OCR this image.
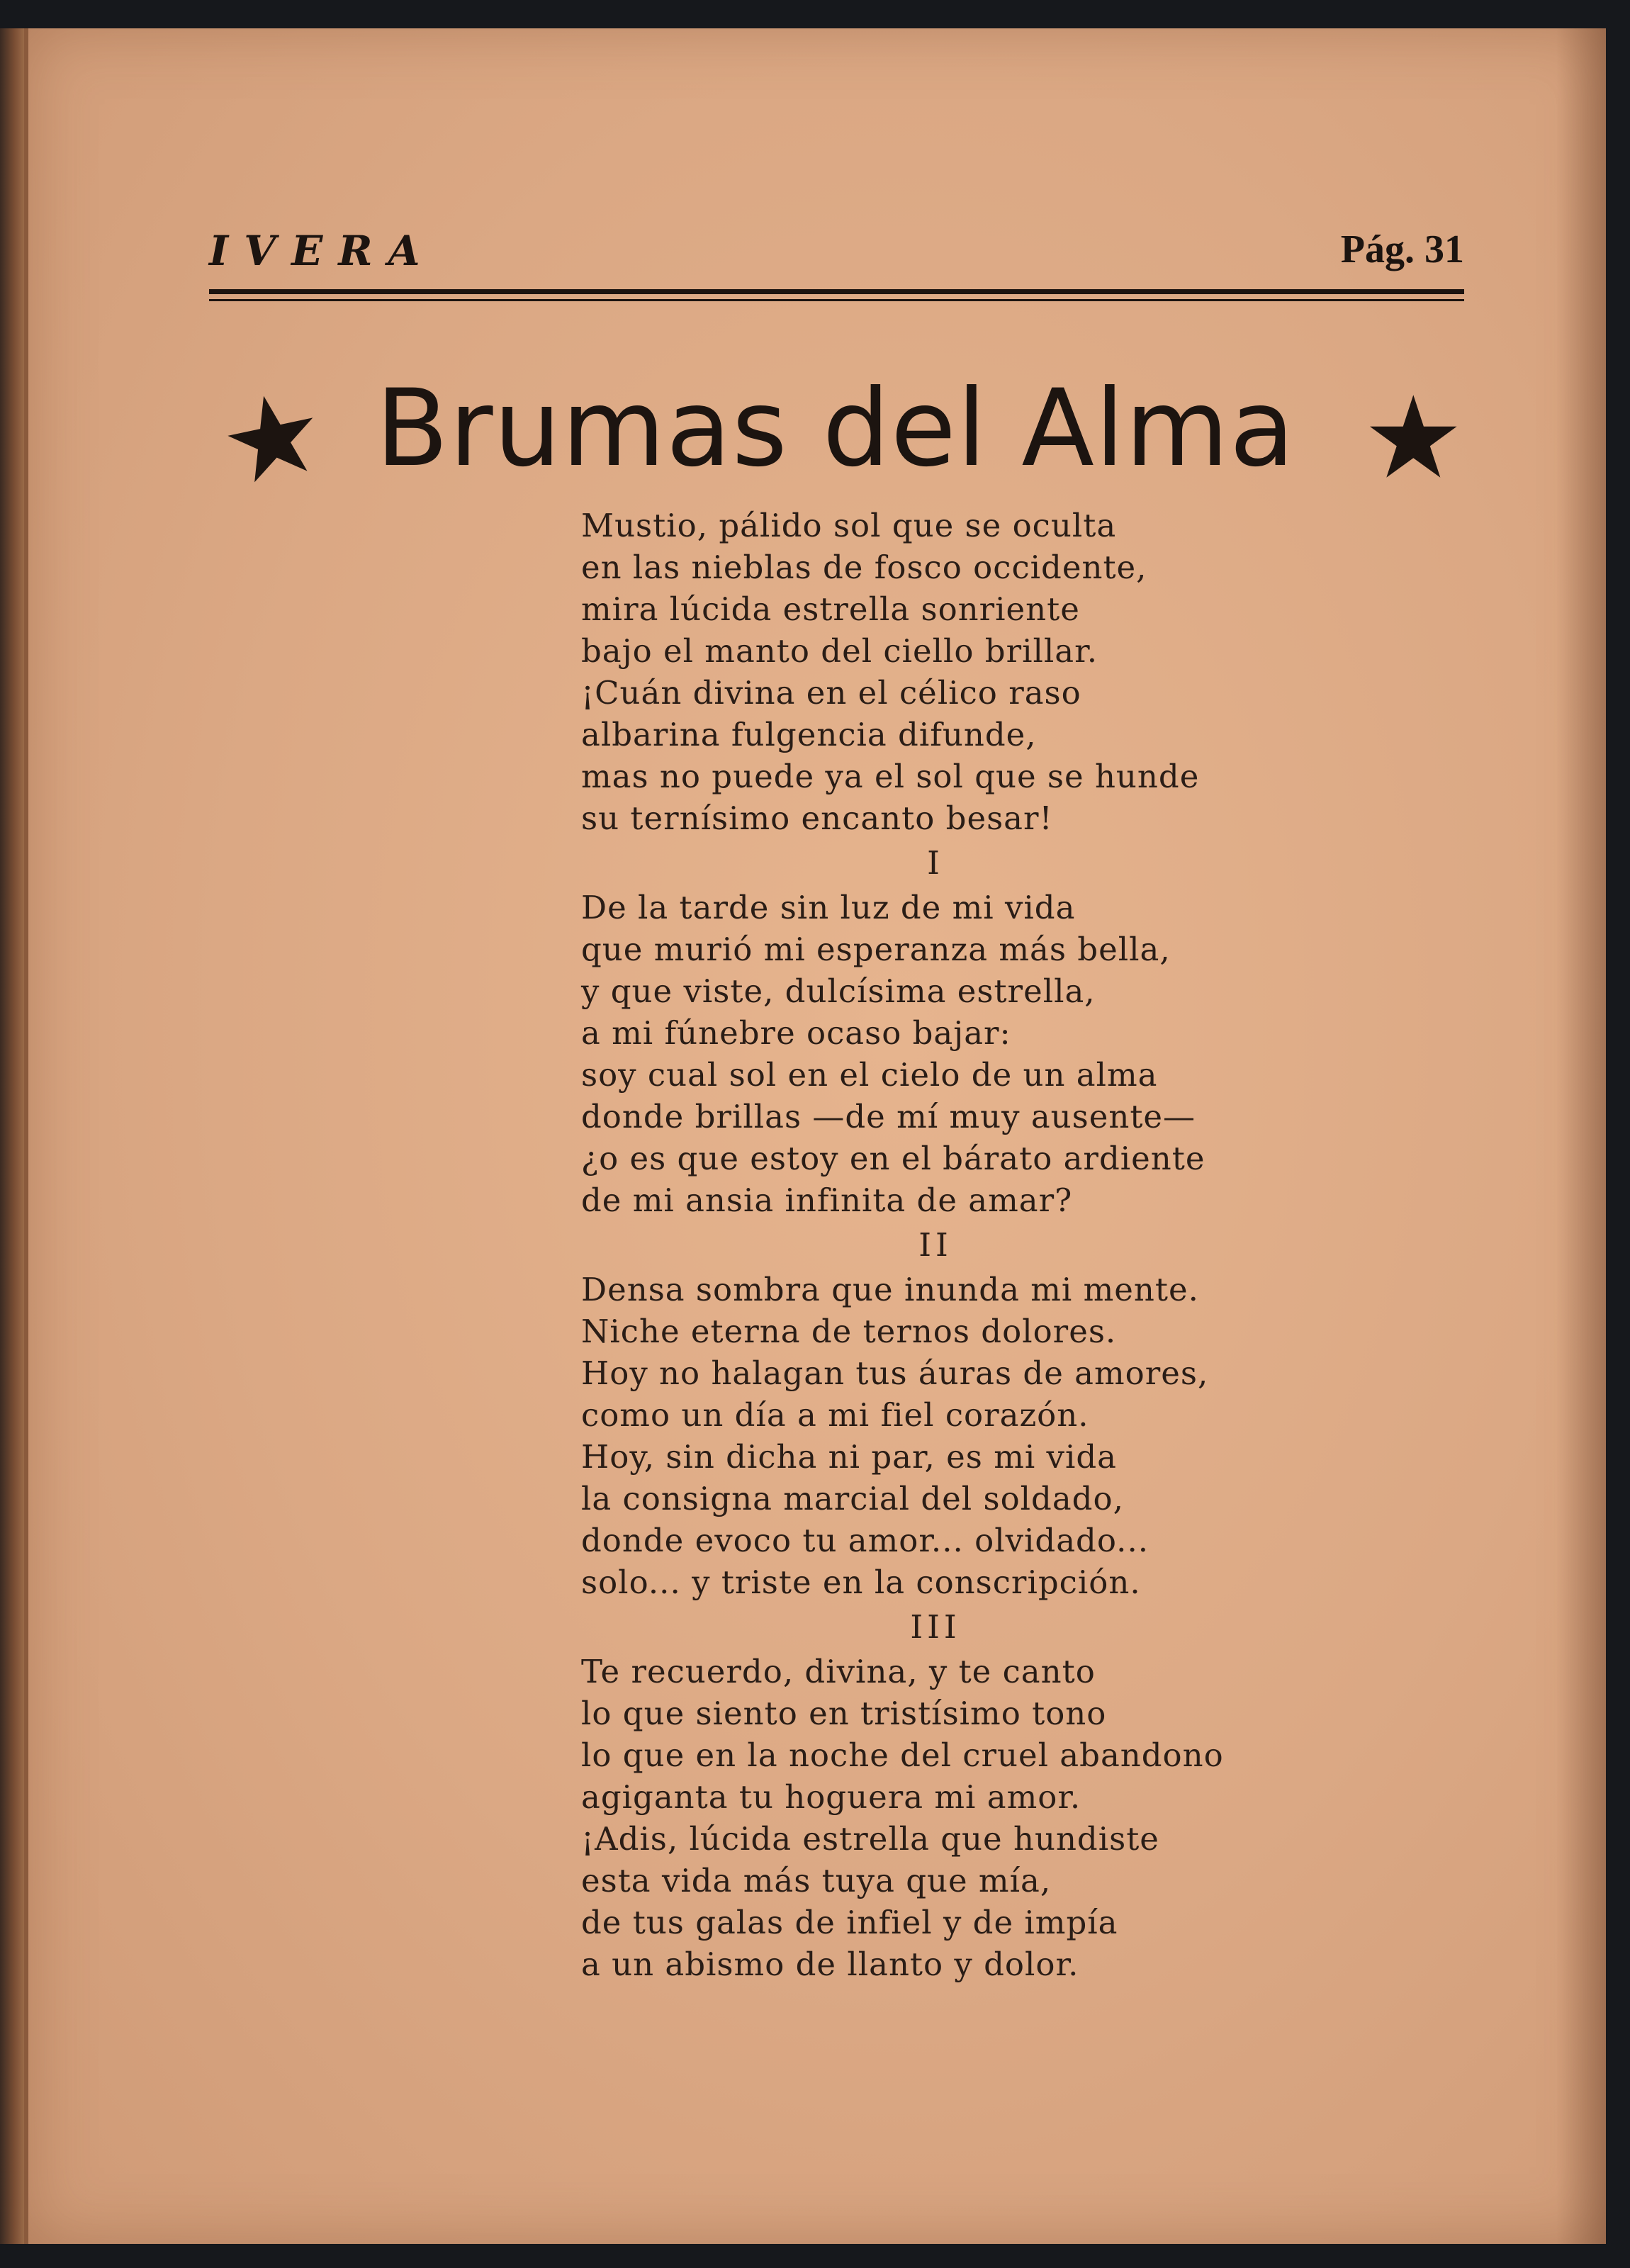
IVERA	Pág. 31
★ Brumas del Alma ★
Mustio, pálido sol que se oculta
en las nieblas de fosco occidente,
mira lúcida estrella sonriente
bajo el manto del ciello brillar.
¡Cuán divina en el célico raso
albarina fulgencia difunde,
mas no puede ya el sol que se hunde
su ternísimo encanto besar!
I
De la tarde sin luz de mi vida
que murió mi esperanza más bella,
y que viste, dulcísima estrella,
a mi fúnebre ocaso bajar:
soy cual sol en el cielo de un alma
donde brillas —de mí muy ausente—
¿o es que estoy en el bárato ardiente
de mi ansia infinita de amar?
II
Densa sombra que inunda mi mente.
Niche eterna de ternos dolores.
Hoy no halagan tus áuras de amores,
como un día a mi fiel corazón.
Hoy, sin dicha ni par, es mi vida
la consigna marcial del soldado,
donde evoco tu amor... olvidado...
solo... y triste en la conscripción.
III
Te recuerdo, divina, y te canto
lo que siento en tristísimo tono
lo que en la noche del cruel abandono
agiganta tu hoguera mi amor.
¡Adis, lúcida estrella que hundiste
esta vida más tuya que mía,
de tus galas de infiel y de impía
a un abismo de llanto y dolor.
